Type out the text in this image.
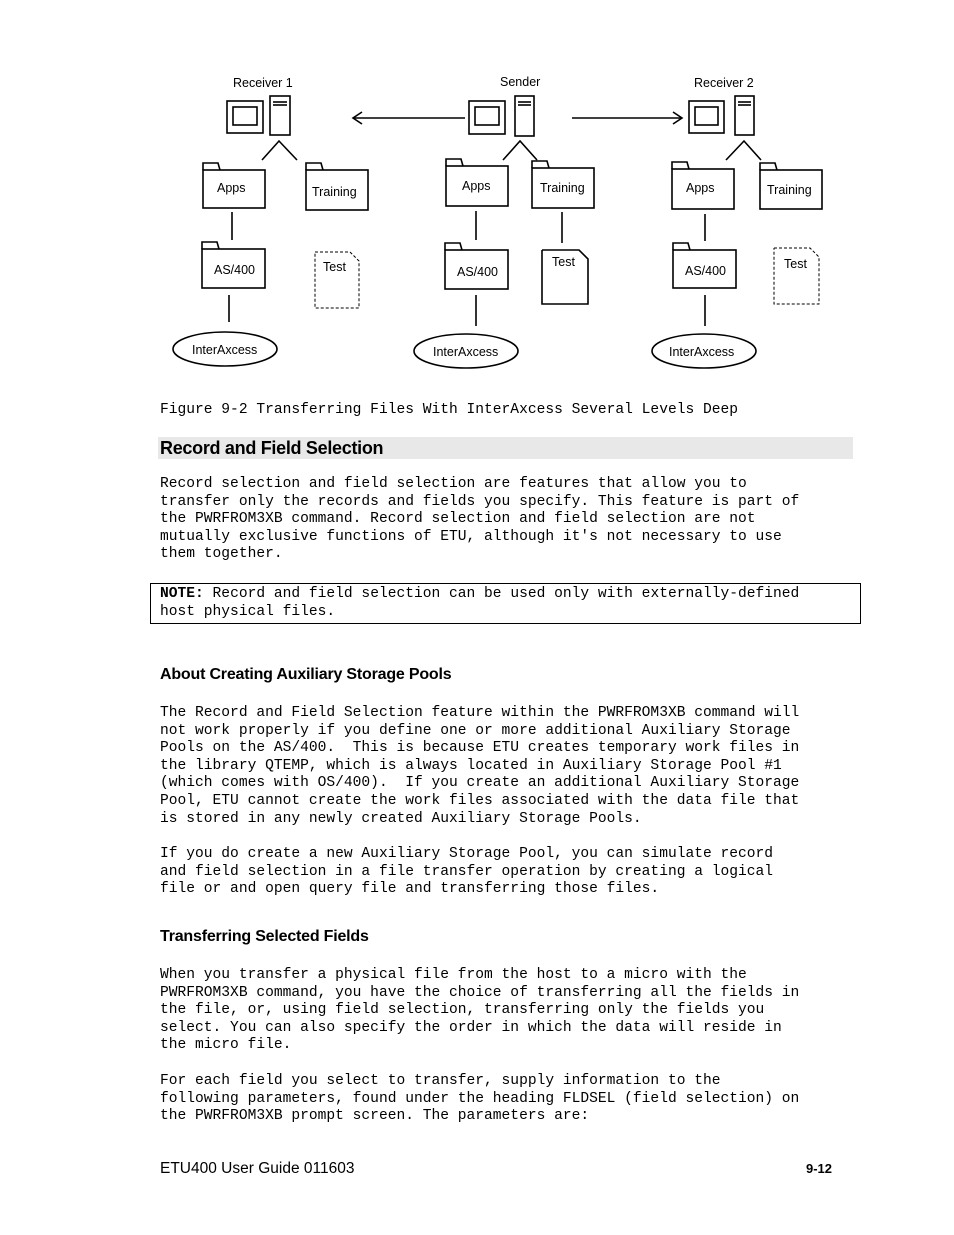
Receiver 1	Sender	Receiver 2
Apps	Training
AS/400	Test
InterAxcess
Apps	Training
AS/400
Test
InterAxcess
Apps	Training
AS/400	Test
InterAxcess
Figure 9-2 Transferring Files With InterAxcess Several Levels Deep
Record and Field Selection
Record selection and field selection are features that allow you to
transfer only the records and fields you specify. This feature is part of
the PWRFROM3XB command. Record selection and field selection are not
mutually exclusive functions of ETU, although it's not necessary to use
them together.
NOTE: Record and field selection can be used only with externally-defined
host physical files.
About Creating Auxiliary Storage Pools
The Record and Field Selection feature within the PWRFROM3XB command will
not work properly if you define one or more additional Auxiliary Storage
Pools on the AS/400.  This is because ETU creates temporary work files in
the library QTEMP, which is always located in Auxiliary Storage Pool #1
(which comes with OS/400).  If you create an additional Auxiliary Storage
Pool, ETU cannot create the work files associated with the data file that
is stored in any newly created Auxiliary Storage Pools.
If you do create a new Auxiliary Storage Pool, you can simulate record
and field selection in a file transfer operation by creating a logical
file or and open query file and transferring those files.
Transferring Selected Fields
When you transfer a physical file from the host to a micro with the
PWRFROM3XB command, you have the choice of transferring all the fields in
the file, or, using field selection, transferring only the fields you
select. You can also specify the order in which the data will reside in
the micro file.
For each field you select to transfer, supply information to the
following parameters, found under the heading FLDSEL (field selection) on
the PWRFROM3XB prompt screen. The parameters are:
ETU400 User Guide 011603	9-12
